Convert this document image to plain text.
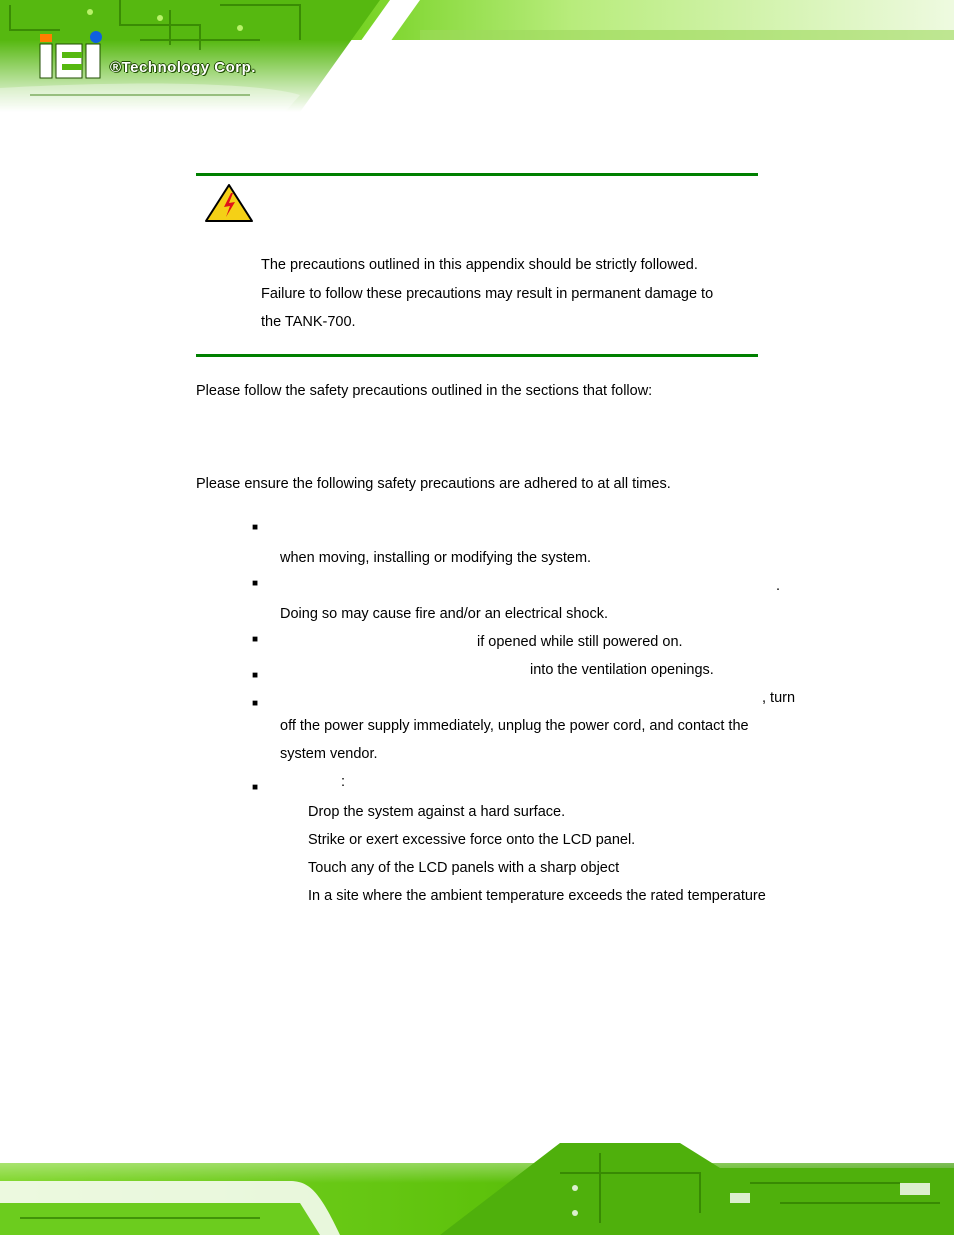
®Technology Corp.
The precautions outlined in this appendix should be strictly followed.
Failure to follow these precautions may result in permanent damage to
the TANK-700.
Please follow the safety precautions outlined in the sections that follow:
Please ensure the following safety precautions are adhered to at all times.
■
when moving, installing or modifying the system.
■	.
Doing so may cause fire and/or an electrical shock.
■	if opened while still powered on.
■	into the ventilation openings.
■	, turn
off the power supply immediately, unplug the power cord, and contact the
system vendor.
■	:
Drop the system against a hard surface.
Strike or exert excessive force onto the LCD panel.
Touch any of the LCD panels with a sharp object
In a site where the ambient temperature exceeds the rated temperature
